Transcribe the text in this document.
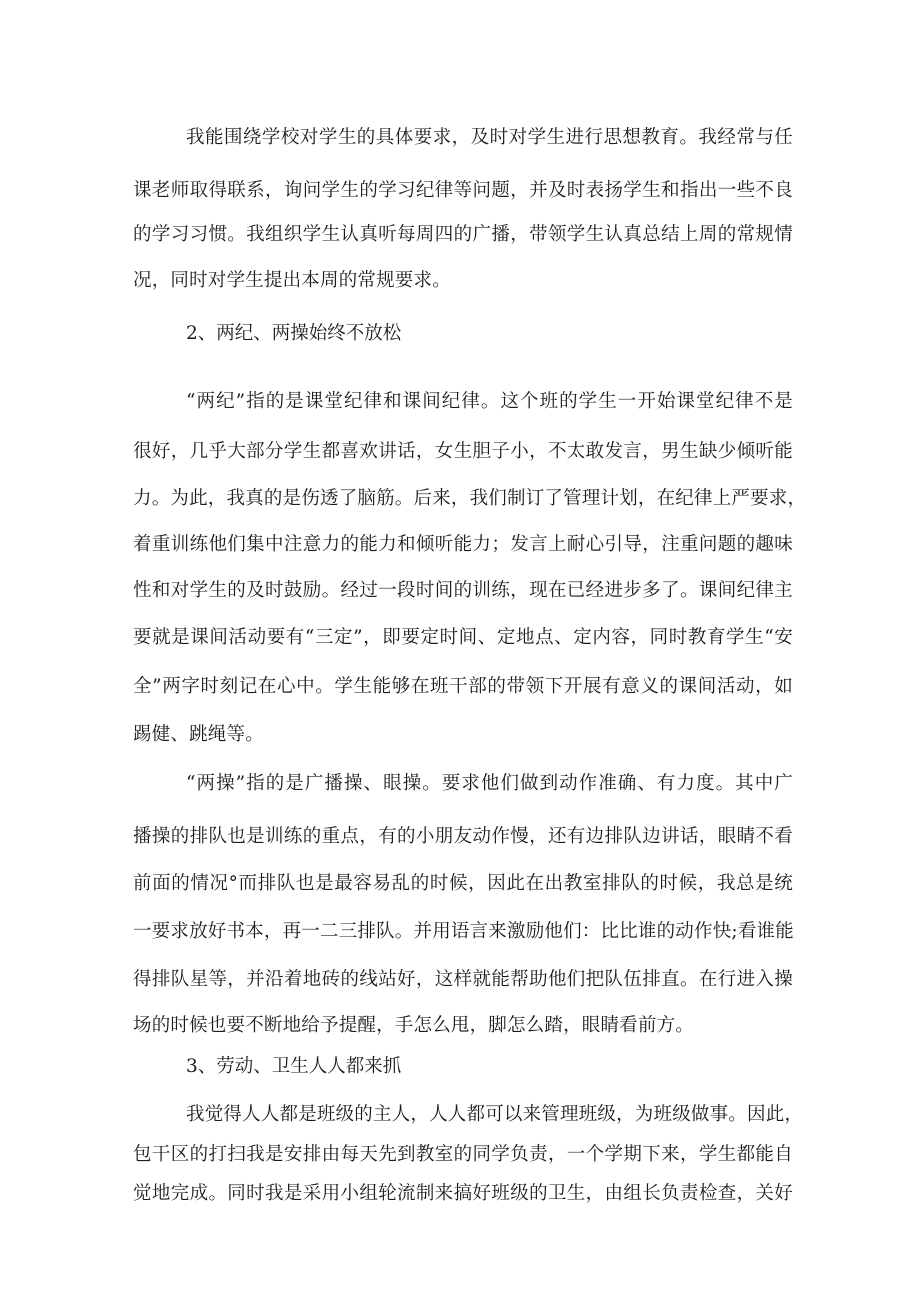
我能围绕学校对学生的具体要求，及时对学生进行思想教育。我经常与任
课老师取得联系，询问学生的学习纪律等问题，并及时表扬学生和指出一些不良
的学习习惯。我组织学生认真听每周四的广播，带领学生认真总结上周的常规情
况，同时对学生提出本周的常规要求。
2、两纪、两操始终不放松
“两纪”指的是课堂纪律和课间纪律。这个班的学生一开始课堂纪律不是
很好，几乎大部分学生都喜欢讲话，女生胆子小，不太敢发言，男生缺少倾听能
力。为此，我真的是伤透了脑筋。后来，我们制订了管理计划，在纪律上严要求，
着重训练他们集中注意力的能力和倾听能力；发言上耐心引导，注重问题的趣味
性和对学生的及时鼓励。经过一段时间的训练，现在已经进步多了。课间纪律主
要就是课间活动要有“三定”，即要定时间、定地点、定内容，同时教育学生“安
全”两字时刻记在心中。学生能够在班干部的带领下开展有意义的课间活动，如
踢健、跳绳等。
“两操”指的是广播操、眼操。要求他们做到动作准确、有力度。其中广
播操的排队也是训练的重点，有的小朋友动作慢，还有边排队边讲话，眼睛不看
前面的情况°而排队也是最容易乱的时候，因此在出教室排队的时候，我总是统
一要求放好书本，再一二三排队。并用语言来激励他们：比比谁的动作快;看谁能
得排队星等，并沿着地砖的线站好，这样就能帮助他们把队伍排直。在行进入操
场的时候也要不断地给予提醒，手怎么甩，脚怎么踏，眼睛看前方。
3、劳动、卫生人人都来抓
我觉得人人都是班级的主人，人人都可以来管理班级，为班级做事。因此，
包干区的打扫我是安排由每天先到教室的同学负责，一个学期下来，学生都能自
觉地完成。同时我是采用小组轮流制来搞好班级的卫生，由组长负责检查，关好
